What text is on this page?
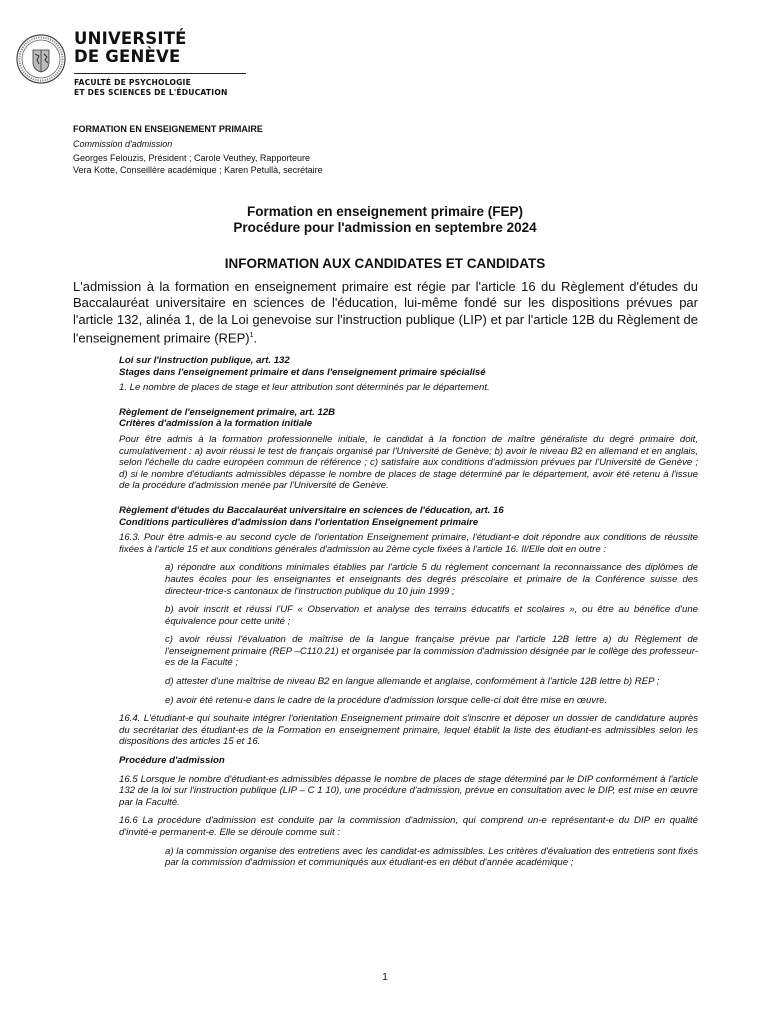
UNIVERSITÉ
DE GENÈVE
FACULTÉ DE PSYCHOLOGIE
ET DES SCIENCES DE L'ÉDUCATION
FORMATION EN ENSEIGNEMENT PRIMAIRE
Commission d'admission
Georges Felouzis, Président ; Carole Veuthey, Rapporteure
Vera Kotte, Conseillère académique ; Karen Petullà, secrétaire
Formation en enseignement primaire (FEP)
Procédure pour l'admission en septembre 2024
INFORMATION AUX CANDIDATES ET CANDIDATS
L'admission à la formation en enseignement primaire est régie par l'article 16 du Règlement d'études du Baccalauréat universitaire en sciences de l'éducation, lui-même fondé sur les dispositions prévues par l'article 132, alinéa 1, de la Loi genevoise sur l'instruction publique (LIP) et par l'article 12B du Règlement de l'enseignement primaire (REP)$^1$.

Loi sur l'instruction publique, art. 132

Stages dans l'enseignement primaire et dans l'enseignement primaire spécialisé

1. Le nombre de places de stage et leur attribution sont déterminés par le département.

Règlement de l'enseignement primaire, art. 12B

Critères d'admission à la formation initiale

Pour être admis à la formation professionnelle initiale, le candidat à la fonction de maître généraliste du degré primaire doit, cumulativement : a) avoir réussi le test de français organisé par l'Université de Genève; b) avoir le niveau B2 en allemand et en anglais, selon l'échelle du cadre européen commun de référence ; c) satisfaire aux conditions d'admission prévues par l'Université de Genève ; d) si le nombre d'étudiants admissibles dépasse le nombre de places de stage déterminé par le département, avoir été retenu à l'issue de la procédure d'admission menée par l'Université de Genève.

Règlement d'études du Baccalauréat universitaire en sciences de l'éducation, art. 16

Conditions particulières d'admission dans l'orientation Enseignement primaire

16.3. Pour être admis-e au second cycle de l'orientation Enseignement primaire, l'étudiant-e doit répondre aux conditions de réussite fixées à l'article 15 et aux conditions générales d'admission au 2ème cycle fixées à l'article 16. Il/Elle doit en outre :

a) répondre aux conditions minimales établies par l'article 5 du règlement concernant la reconnaissance des diplômes de hautes écoles pour les enseignantes et enseignants des degrés préscolaire et primaire de la Conférence suisse des directeur-trice-s cantonaux de l'instruction publique du 10 juin 1999 ;

b) avoir inscrit et réussi l'UF « Observation et analyse des terrains éducatifs et scolaires », ou être au bénéfice d'une équivalence pour cette unité ;

c) avoir réussi l'évaluation de maîtrise de la langue française prévue par l'article 12B lettre a) du Règlement de l'enseignement primaire (REP –C110.21) et organisée par la commission d'admission désignée par le collège des professeur-es de la Faculté ;

d) attester d'une maîtrise de niveau B2 en langue allemande et anglaise, conformément à l'article 12B lettre b) REP ;

e) avoir été retenu-e dans le cadre de la procédure d'admission lorsque celle-ci doit être mise en œuvre.

16.4. L'étudiant-e qui souhaite intégrer l'orientation Enseignement primaire doit s'inscrire et déposer un dossier de candidature auprès du secrétariat des étudiant-es de la Formation en enseignement primaire, lequel établit la liste des étudiant-es admissibles selon les dispositions des articles 15 et 16.

Procédure d'admission

16.5 Lorsque le nombre d'étudiant-es admissibles dépasse le nombre de places de stage déterminé par le DIP conformément à l'article 132 de la loi sur l'instruction publique (LIP – C 1 10), une procédure d'admission, prévue en consultation avec le DIP, est mise en œuvre par la Faculté.

16.6 La procédure d'admission est conduite par la commission d'admission, qui comprend un-e représentant-e du DIP en qualité d'invité-e permanent-e. Elle se déroule comme suit :

a) la commission organise des entretiens avec les candidat-es admissibles. Les critères d'évaluation des entretiens sont fixés par la commission d'admission et communiqués aux étudiant-es en début d'année académique ;

1
